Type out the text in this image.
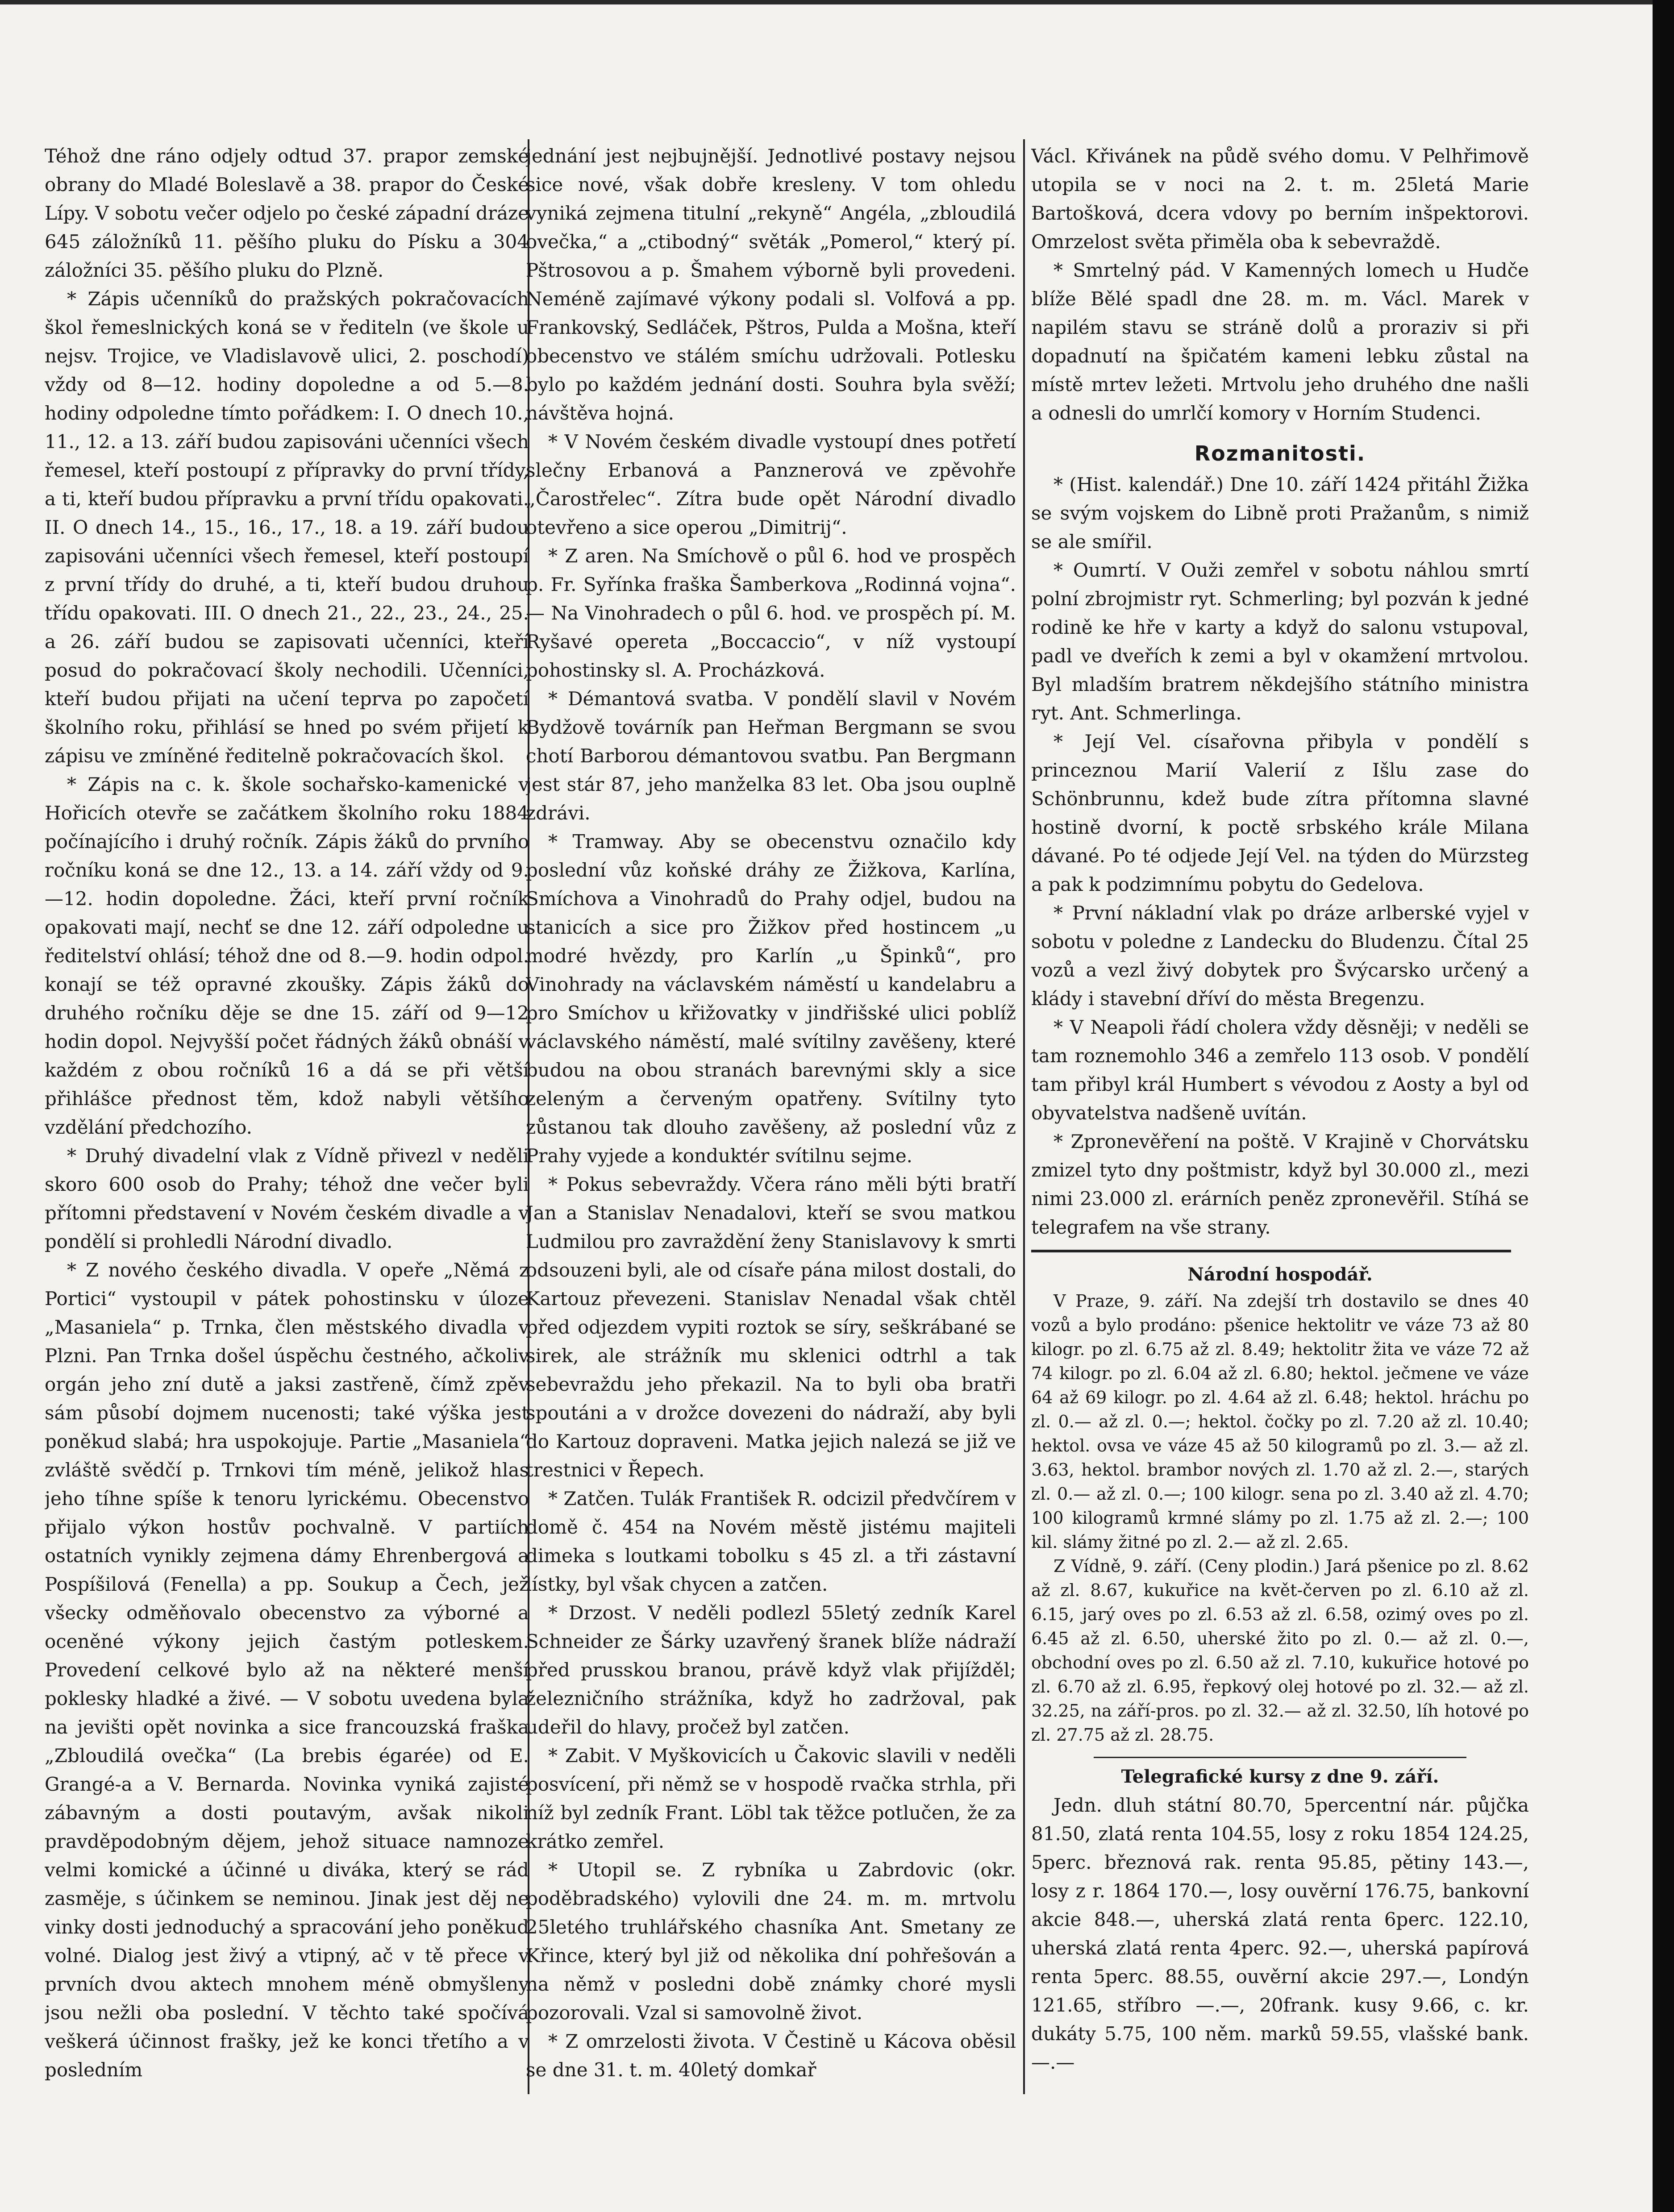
Téhož dne ráno odjely odtud 37. prapor zemské obrany do Mladé Boleslavě a 38. prapor do České Lípy. V sobotu večer odjelo po české západní dráze 645 záložníků 11. pěšího pluku do Písku a 304 záložníci 35. pěšího pluku do Plzně.

* Zápis učenníků do pražských pokračovacích škol řemeslnických koná se v řediteln (ve škole u nejsv. Trojice, ve Vladislavově ulici, 2. poschodí) vždy od 8—12. hodiny dopoledne a od 5.—8. hodiny odpoledne tímto pořádkem: I. O dnech 10., 11., 12. a 13. září budou zapisováni učenníci všech řemesel, kteří postoupí z přípravky do první třídy, a ti, kteří budou přípravku a první třídu opakovati. II. O dnech 14., 15., 16., 17., 18. a 19. září budou zapisováni učenníci všech řemesel, kteří postoupí z první třídy do druhé, a ti, kteří budou druhou třídu opakovati. III. O dnech 21., 22., 23., 24., 25. a 26. září budou se zapisovati učenníci, kteří posud do pokračovací školy nechodili. Učenníci, kteří budou přijati na učení teprva po započetí školního roku, přihlásí se hned po svém přijetí k zápisu ve zmíněné ředitelně pokračovacích škol.

* Zápis na c. k. škole sochařsko-kamenické v Hořicích otevře se začátkem školního roku 1884 počínajícího i druhý ročník. Zápis žáků do prvního ročníku koná se dne 12., 13. a 14. září vždy od 9.—12. hodin dopoledne. Žáci, kteří první ročník opakovati mají, nechť se dne 12. září odpoledne u ředitelství ohlásí; téhož dne od 8.—9. hodin odpol. konají se též opravné zkoušky. Zápis žáků do druhého ročníku děje se dne 15. září od 9—12 hodin dopol. Nejvyšší počet řádných žáků obnáší v každém z obou ročníků 16 a dá se při větší přihlášce přednost těm, kdož nabyli většího vzdělání předchozího.

* Druhý divadelní vlak z Vídně přivezl v neděli skoro 600 osob do Prahy; téhož dne večer byli přítomni představení v Novém českém divadle a v pondělí si prohledli Národní divadlo.

* Z nového českého divadla. V opeře „Němá z Portici“ vystoupil v pátek pohostinsku v úloze „Masaniela“ p. Trnka, člen městského divadla v Plzni. Pan Trnka došel úspěchu čestného, ačkoliv orgán jeho zní dutě a jaksi zastřeně, čímž zpěv sám působí dojmem nucenosti; také výška jest poněkud slabá; hra uspokojuje. Partie „Masaniela“ zvláště svědčí p. Trnkovi tím méně, jelikož hlas jeho tíhne spíše k tenoru lyrickému. Obecenstvo přijalo výkon hostův pochvalně. V partiích ostatních vynikly zejmena dámy Ehrenbergová a Pospíšilová (Fenella) a pp. Soukup a Čech, jež všecky odměňovalo obecenstvo za výborné a oceněné výkony jejich častým potleskem. Provedení celkové bylo až na některé menší poklesky hladké a živé. — V sobotu uvedena byla na jevišti opět novinka a sice francouzská fraška „Zbloudilá ovečka“ (La brebis égarée) od E. Grangé-a a V. Bernarda. Novinka vyniká zajisté zábavným a dosti poutavým, avšak nikoli pravděpodobným dějem, jehož situace namnoze velmi komické a účinné u diváka, který se rád zasměje, s účinkem se neminou. Jinak jest děj ne vinky dosti jednoduchý a spracování jeho poněkud volné. Dialog jest živý a vtipný, ač v tě přece v prvních dvou aktech mnohem méně obmyšleny jsou nežli oba poslední. V těchto také spočívá veškerá účinnost frašky, jež ke konci třetího a v posledním

jednání jest nejbujnější. Jednotlivé postavy nejsou sice nové, však dobře kresleny. V tom ohledu vyniká zejmena titulní „rekyně“ Angéla, „zbloudilá ovečka,“ a „ctibodný“ světák „Pomerol,“ který pí. Pštrosovou a p. Šmahem výborně byli provedeni. Neméně zajímavé výkony podali sl. Volfová a pp. Frankovský, Sedláček, Pštros, Pulda a Mošna, kteří obecenstvo ve stálém smíchu udržovali. Potlesku bylo po každém jednání dosti. Souhra byla svěží; návštěva hojná.

* V Novém českém divadle vystoupí dnes potřetí slečny Erbanová a Panznerová ve zpěvohře „Čarostřelec“. Zítra bude opět Národní divadlo otevřeno a sice operou „Dimitrij“.

* Z aren. Na Smíchově o půl 6. hod ve prospěch p. Fr. Syřínka fraška Šamberkova „Rodinná vojna“. — Na Vinohradech o půl 6. hod. ve prospěch pí. M. Ryšavé opereta „Boccaccio“, v níž vystoupí pohostinsky sl. A. Procházková.

* Démantová svatba. V pondělí slavil v Novém Bydžově továrník pan Heřman Bergmann se svou chotí Barborou démantovou svatbu. Pan Bergmann jest stár 87, jeho manželka 83 let. Oba jsou ouplně zdrávi.

* Tramway. Aby se obecenstvu označilo kdy poslední vůz koňské dráhy ze Žižkova, Karlína, Smíchova a Vinohradů do Prahy odjel, budou na stanicích a sice pro Žižkov před hostincem „u modré hvězdy, pro Karlín „u Špinků“, pro Vinohrady na václavském náměstí u kandelabru a pro Smíchov u křižovatky v jindřišské ulici poblíž václavského náměstí, malé svítilny zavěšeny, které budou na obou stranách barevnými skly a sice zeleným a červeným opatřeny. Svítilny tyto zůstanou tak dlouho zavěšeny, až poslední vůz z Prahy vyjede a konduktér svítilnu sejme.

* Pokus sebevraždy. Včera ráno měli býti bratří Jan a Stanislav Nenadalovi, kteří se svou matkou Ludmilou pro zavraždění ženy Stanislavovy k smrti odsouzeni byli, ale od císaře pána milost dostali, do Kartouz převezeni. Stanislav Nenadal však chtěl před odjezdem vypiti roztok se síry, seškrábané se sirek, ale strážník mu sklenici odtrhl a tak sebevraždu jeho překazil. Na to byli oba bratři spoutáni a v drožce dovezeni do nádraží, aby byli do Kartouz dopraveni. Matka jejich nalezá se již ve trestnici v Řepech.

* Zatčen. Tulák František R. odcizil předvčírem v domě č. 454 na Novém městě jistému majiteli dimeka s loutkami tobolku s 45 zl. a tři zástavní lístky, byl však chycen a zatčen.

* Drzost. V neděli podlezl 55letý zedník Karel Schneider ze Šárky uzavřený šranek blíže nádraží před prusskou branou, právě když vlak přijížděl; železničního strážníka, když ho zadržoval, pak udeřil do hlavy, pročež byl zatčen.

* Zabit. V Myškovicích u Čakovic slavili v neděli posvícení, při němž se v hospodě rvačka strhla, při níž byl zedník Frant. Löbl tak těžce potlučen, že za krátko zemřel.

* Utopil se. Z rybníka u Zabrdovic (okr. poděbradského) vylovili dne 24. m. m. mrtvolu 25letého truhlářského chasníka Ant. Smetany ze Křince, který byl již od několika dní pohřešován a na němž v posledni době známky choré mysli pozorovali. Vzal si samovolně život.

* Z omrzelosti života. V Čestině u Kácova oběsil se dne 31. t. m. 40letý domkař

Václ. Křivánek na půdě svého domu. V Pelhřimově utopila se v noci na 2. t. m. 25letá Marie Bartošková, dcera vdovy po berním inšpektorovi. Omrzelost světa přiměla oba k sebevraždě.

* Smrtelný pád. V Kamenných lomech u Hudče blíže Bělé spadl dne 28. m. m. Václ. Marek v napilém stavu se stráně dolů a proraziv si při dopadnutí na špičatém kameni lebku zůstal na místě mrtev ležeti. Mrtvolu jeho druhého dne našli a odnesli do umrlčí komory v Horním Studenci.

Rozmanitosti.

* (Hist. kalendář.) Dne 10. září 1424 přitáhl Žižka se svým vojskem do Libně proti Pražanům, s nimiž se ale smířil.

* Oumrtí. V Ouži zemřel v sobotu náhlou smrtí polní zbrojmistr ryt. Schmerling; byl pozván k jedné rodině ke hře v karty a když do salonu vstupoval, padl ve dveřích k zemi a byl v okamžení mrtvolou. Byl mladším bratrem někdejšího státního ministra ryt. Ant. Schmerlinga.

* Její Vel. císařovna přibyla v pondělí s princeznou Marií Valerií z Išlu zase do Schönbrunnu, kdež bude zítra přítomna slavné hostině dvorní, k poctě srbského krále Milana dávané. Po té odjede Její Vel. na týden do Mürzsteg a pak k podzimnímu pobytu do Gedelova.

* První nákladní vlak po dráze arlberské vyjel v sobotu v poledne z Landecku do Bludenzu. Čítal 25 vozů a vezl živý dobytek pro Švýcarsko určený a klády i stavební dříví do města Bregenzu.

* V Neapoli řádí cholera vždy děsněji; v neděli se tam roznemohlo 346 a zemřelo 113 osob. V pondělí tam přibyl král Humbert s vévodou z Aosty a byl od obyvatelstva nadšeně uvítán.

* Zpronevěření na poště. V Krajině v Chorvátsku zmizel tyto dny poštmistr, když byl 30.000 zl., mezi nimi 23.000 zl. erárních peněz zpronevěřil. Stíhá se telegrafem na vše strany.

Národní hospodář.

V Praze, 9. září. Na zdejší trh dostavilo se dnes 40 vozů a bylo prodáno: pšenice hektolitr ve váze 73 až 80 kilogr. po zl. 6.75 až zl. 8.49; hektolitr žita ve váze 72 až 74 kilogr. po zl. 6.04 až zl. 6.80; hektol. ječmene ve váze 64 až 69 kilogr. po zl. 4.64 až zl. 6.48; hektol. hráchu po zl. 0.— až zl. 0.—; hektol. čočky po zl. 7.20 až zl. 10.40; hektol. ovsa ve váze 45 až 50 kilogramů po zl. 3.— až zl. 3.63, hektol. brambor nových zl. 1.70 až zl. 2.—, starých zl. 0.— až zl. 0.—; 100 kilogr. sena po zl. 3.40 až zl. 4.70; 100 kilogramů krmné slámy po zl. 1.75 až zl. 2.—; 100 kil. slámy žitné po zl. 2.— až zl. 2.65.

Z Vídně, 9. září. (Ceny plodin.) Jará pšenice po zl. 8.62 až zl. 8.67, kukuřice na květ-červen po zl. 6.10 až zl. 6.15, jarý oves po zl. 6.53 až zl. 6.58, ozimý oves po zl. 6.45 až zl. 6.50, uherské žito po zl. 0.— až zl. 0.—, obchodní oves po zl. 6.50 až zl. 7.10, kukuřice hotové po zl. 6.70 až zl. 6.95, řepkový olej hotové po zl. 32.— až zl. 32.25, na září-pros. po zl. 32.— až zl. 32.50, líh hotové po zl. 27.75 až zl. 28.75.

Telegrafické kursy z dne 9. září.

Jedn. dluh státní 80.70, 5percentní nár. půjčka 81.50, zlatá renta 104.55, losy z roku 1854 124.25, 5perc. březnová rak. renta 95.85, pětiny 143.—, losy z r. 1864 170.—, losy ouvěrní 176.75, bankovní akcie 848.—, uherská zlatá renta 6perc. 122.10, uherská zlatá renta 4perc. 92.—, uherská papírová renta 5perc. 88.55, ouvěrní akcie 297.—, Londýn 121.65, stříbro —.—, 20frank. kusy 9.66, c. kr. dukáty 5.75, 100 něm. marků 59.55, vlašské bank. —.—
